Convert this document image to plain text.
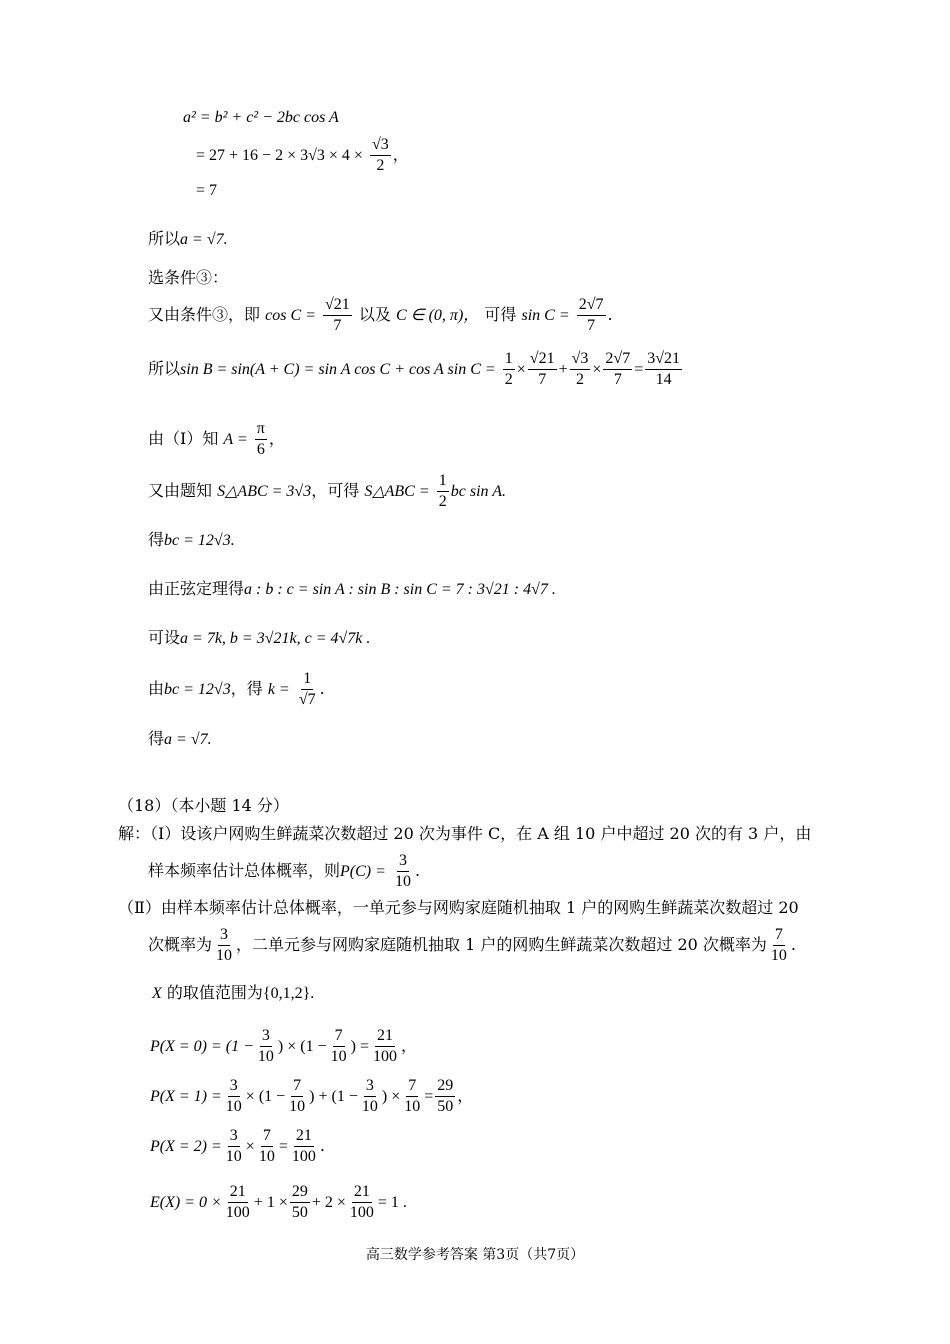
a² = b² + c² − 2bc cos A
= $27 + 16 - 2 \times 3√3 \times 4 \times \frac{√3}{2}$ ，
= 7
所以a = √7.
选条件③：
又由条件③，即 $\cos C = \frac{√21}{7}$ 以及 C ∈ (0, π)， 可得 $\sin C = \frac{2√7}{7}$ .
所以sin B = sin(A + C) = sin A cos C + cos A $\sin C = \frac{1}{2} \times \frac{√21}{7} + \frac{√3}{2} \times \frac{2√7}{7} = \frac{3√21}{14}$
由（Ⅰ）知 $A = \frac{\pi}{6}$ ，
又由题知 S△ABC = 3√3，可得 S△ABC = $\frac{1}{2}$ bc sin A.
得bc = 12√3.
由正弦定理得a : b : c = sin A : sin B : sin C = 7 : 3√21 : 4√7 .
可设a = 7k, b = 3√21k, c = 4√7k .
由bc = 12√3，得 $k = \frac{1}{√7}$ .
得a = √7.
（18）（本小题 14 分）
解：（Ⅰ）设该户网购生鲜蔬菜次数超过 20 次为事件 C，在 A 组 10 户中超过 20 次的有 3 户，由
样本频率估计总体概率，则$P(C) = \frac{3}{10}$ .
（Ⅱ）由样本频率估计总体概率，一单元参与网购家庭随机抽取 1 户的网购生鲜蔬菜次数超过 20
次概率为 $\frac{3}{10}$ ，二单元参与网购家庭随机抽取 1 户的网购生鲜蔬菜次数超过 20 次概率为 $\frac{7}{10}$ .
X 的取值范围为{0,1,2}.
$P(X = 0) = (1 - \frac{3}{10}$ ) × ($1 - \frac{7}{10}$ ) = $\frac{21}{100}$ ，
$P(X = 1) = \frac{3}{10} \times (1 - \frac{7}{10}$ ) + ($1 - \frac{3}{10}$ ) × $\frac{7}{10} = \frac{29}{50}$ ，
$P(X = 2) = \frac{3}{10} \times \frac{7}{10} = \frac{21}{100}$ .
$E(X) = 0 \times \frac{21}{100} + 1 \times \frac{29}{50} + 2 \times \frac{21}{100} = 1$ .
高三数学参考答案 第3页（共7页）
